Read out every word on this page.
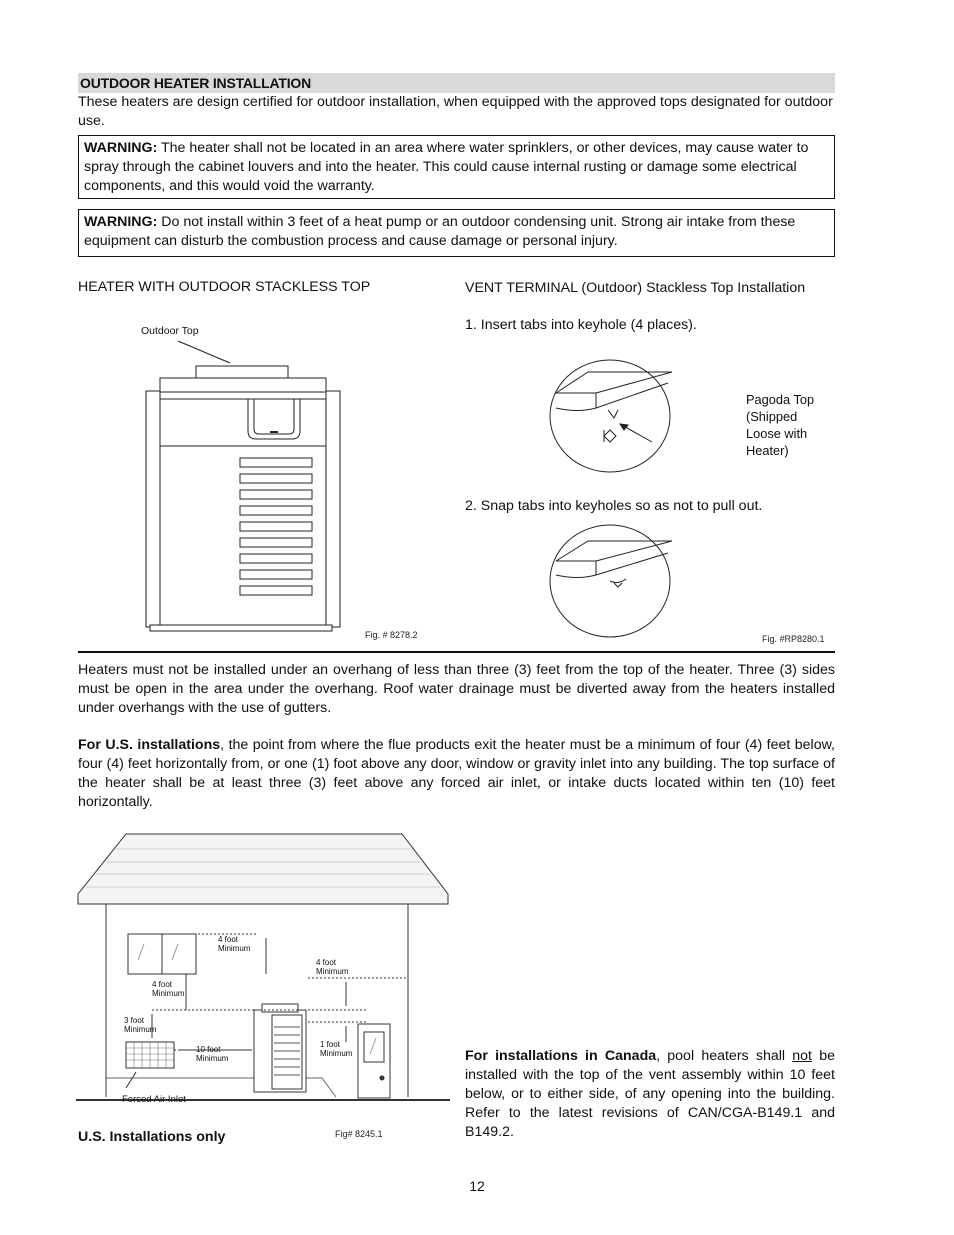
OUTDOOR HEATER INSTALLATION
These heaters are design certified for outdoor installation, when equipped with the approved tops designated for outdoor use.
WARNING: The heater shall not be located in an area where water sprinklers, or other devices, may cause water to spray through the cabinet louvers and into the heater. This could cause internal rusting or damage some electrical components, and this would void the warranty.
WARNING: Do not install within 3 feet of a heat pump or an outdoor condensing unit. Strong air intake from these equipment can disturb the combustion process and cause damage or personal injury.
HEATER WITH OUTDOOR STACKLESS TOP
Outdoor Top
Fig. # 8278.2
VENT TERMINAL (Outdoor) Stackless Top Installation
1. Insert tabs into keyhole (4 places).
Pagoda Top (Shipped Loose with Heater)
2. Snap tabs into keyholes so as not to pull out.
Fig. #RP8280.1
Heaters must not be installed under an overhang of less than three (3) feet from the top of the heater. Three (3) sides must be open in the area under the overhang. Roof water drainage must be diverted away from the heaters installed under overhangs with the use of gutters.
For U.S. installations, the point from where the flue products exit the heater must be a minimum of four (4) feet below, four (4) feet horizontally from, or one (1) foot above any door, window or gravity inlet into any building. The top surface of the heater shall be at least three (3) feet above any forced air inlet, or intake ducts located within ten (10) feet horizontally.
4 foot
Minimum
4 foot
Minimum
4 foot
Minimum
3 foot
Minimum
10 foot
Minimum
1 foot
Minimum
Forced Air Inlet
U.S. Installations only	Fig# 8245.1
For installations in Canada, pool heaters shall not be installed with the top of the vent assembly within 10 feet below, or to either side, of any opening into the building. Refer to the latest revisions of CAN/CGA-B149.1 and B149.2.
12
